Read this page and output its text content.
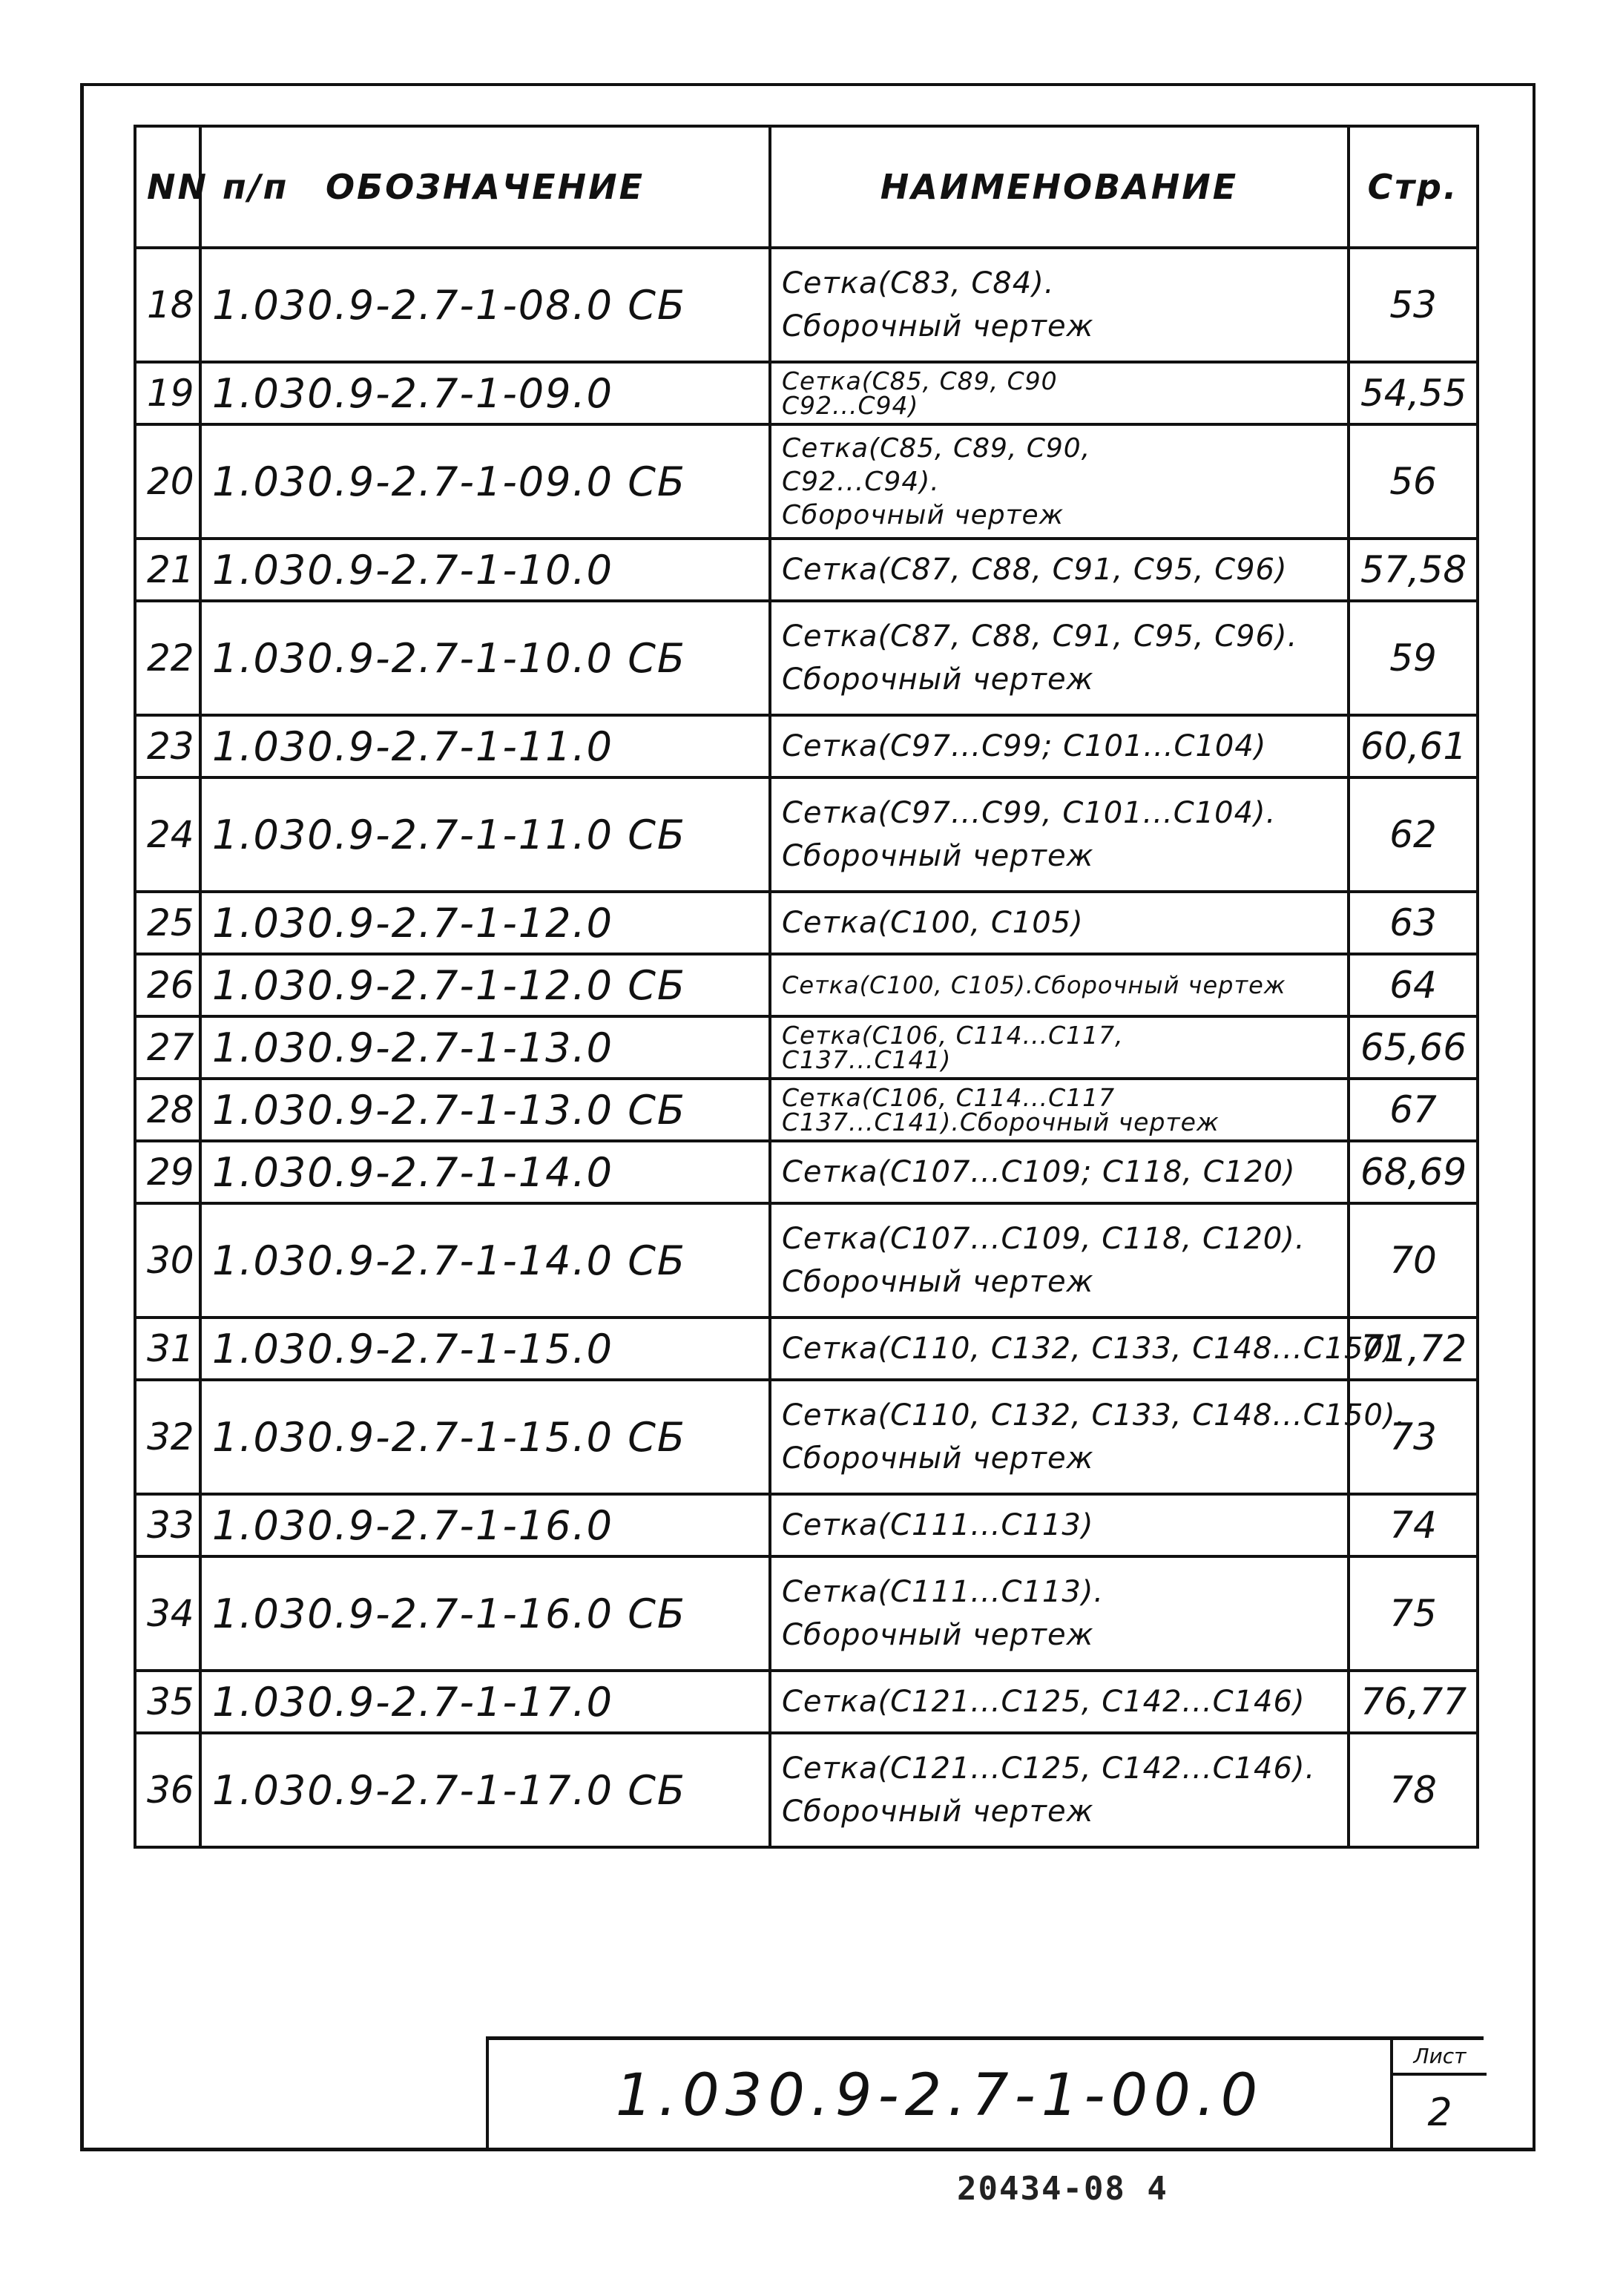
NN п/п	ОБОЗНАЧЕНИЕ	НАИМЕНОВАНИЕ	Стр.
18	1.030.9-2.7-1-08.0 СБ	Сетка(С83, С84).
Сборочный чертеж	53
19	1.030.9-2.7-1-09.0	Сетка(С85, С89, С90
С92...С94)	54,55
20	1.030.9-2.7-1-09.0 СБ	Сетка(С85, С89, С90,
С92...С94).
Сборочный чертеж	56
21	1.030.9-2.7-1-10.0	Сетка(С87, С88, С91, С95, С96)	57,58
22	1.030.9-2.7-1-10.0 СБ	Сетка(С87, С88, С91, С95, С96).
Сборочный чертеж	59
23	1.030.9-2.7-1-11.0	Сетка(С97...С99; С101...С104)	60,61
24	1.030.9-2.7-1-11.0 СБ	Сетка(С97...С99, С101...С104).
Сборочный чертеж	62
25	1.030.9-2.7-1-12.0	Сетка(С100, С105)	63
26	1.030.9-2.7-1-12.0 СБ	Сетка(С100, С105).Сборочный чертеж	64
27	1.030.9-2.7-1-13.0	Сетка(С106, С114...С117,
С137...С141)	65,66
28	1.030.9-2.7-1-13.0 СБ	Сетка(С106, С114...С117
С137...С141).Сборочный чертеж	67
29	1.030.9-2.7-1-14.0	Сетка(С107...С109; С118, С120)	68,69
30	1.030.9-2.7-1-14.0 СБ	Сетка(С107...С109, С118, С120).
Сборочный чертеж	70
31	1.030.9-2.7-1-15.0	Сетка(С110, С132, С133, С148...С150)	71,72
32	1.030.9-2.7-1-15.0 СБ	Сетка(С110, С132, С133, С148...С150).
Сборочный чертеж	73
33	1.030.9-2.7-1-16.0	Сетка(С111...С113)	74
34	1.030.9-2.7-1-16.0 СБ	Сетка(С111...С113).
Сборочный чертеж	75
35	1.030.9-2.7-1-17.0	Сетка(С121...С125, С142...С146)	76,77
36	1.030.9-2.7-1-17.0 СБ	Сетка(С121...С125, С142...С146).
Сборочный чертеж	78
1.030.9-2.7-1-00.0
Лист
2
20434-08 4
